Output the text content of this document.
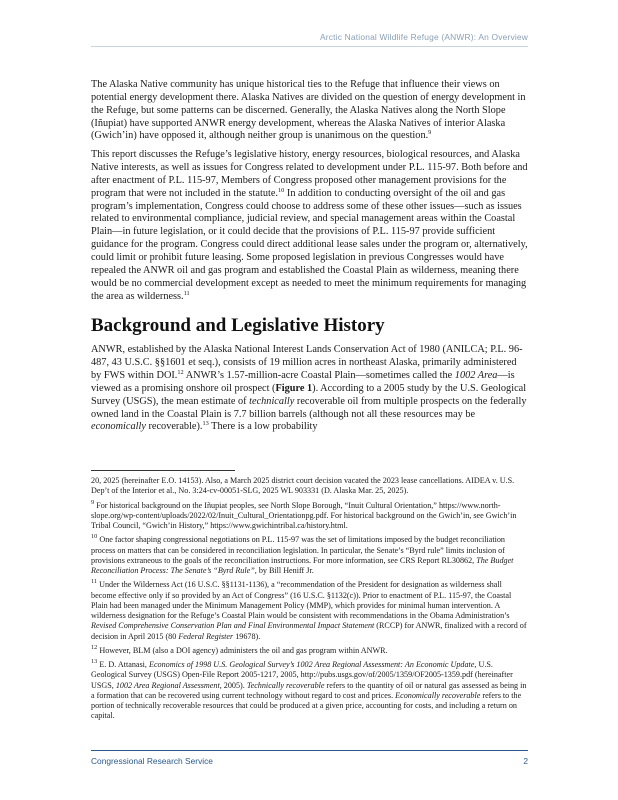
Arctic National Wildlife Refuge (ANWR): An Overview

The Alaska Native community has unique historical ties to the Refuge that influence their views on potential energy development there. Alaska Natives are divided on the question of energy development in the Refuge, but some patterns can be discerned. Generally, the Alaska Natives along the North Slope (Iñupiat) have supported ANWR energy development, whereas the Alaska Natives of interior Alaska (Gwich’in) have opposed it, although neither group is unanimous on the question.$^9$

This report discusses the Refuge’s legislative history, energy resources, biological resources, and Alaska Native interests, as well as issues for Congress related to development under P.L. 115-97. Both before and after enactment of P.L. 115-97, Members of Congress proposed other management provisions for the program that were not included in the statute.$^{10}$ In addition to conducting oversight of the oil and gas program’s implementation, Congress could choose to address some of these other issues—such as issues related to environmental compliance, judicial review, and special management areas within the Coastal Plain—in future legislation, or it could decide that the provisions of P.L. 115-97 provide sufficient guidance for the program. Congress could direct additional lease sales under the program or, alternatively, could limit or prohibit future leasing. Some proposed legislation in previous Congresses would have repealed the ANWR oil and gas program and established the Coastal Plain as wilderness, meaning there would be no commercial development except as needed to meet the minimum requirements for managing the area as wilderness.$^{11}$

Background and Legislative History

ANWR, established by the Alaska National Interest Lands Conservation Act of 1980 (ANILCA; P.L. 96-487, 43 U.S.C. §§1601 et seq.), consists of 19 million acres in northeast Alaska, primarily administered by FWS within DOI.$^{12}$ ANWR’s 1.57-million-acre Coastal Plain—sometimes called the 1002 Area—is viewed as a promising onshore oil prospect (Figure 1). According to a 2005 study by the U.S. Geological Survey (USGS), the mean estimate of technically recoverable oil from multiple prospects on the federally owned land in the Coastal Plain is 7.7 billion barrels (although not all these resources may be economically recoverable).$^{13}$ There is a low probability

20, 2025 (hereinafter E.O. 14153). Also, a March 2025 district court decision vacated the 2023 lease cancellations. AIDEA v. U.S. Dep’t of the Interior et al., No. 3:24-cv-00051-SLG, 2025 WL 903331 (D. Alaska Mar. 25, 2025).

$^9$ For historical background on the Iñupiat peoples, see North Slope Borough, “Inuit Cultural Orientation,” https://www.north-slope.org/wp-content/uploads/2022/02/Inuit_Cultural_Orientationpg.pdf. For historical background on the Gwich’in, see Gwich’in Tribal Council, “Gwich’in History,” https://www.gwichintribal.ca/history.html.

$^{10}$ One factor shaping congressional negotiations on P.L. 115-97 was the set of limitations imposed by the budget reconciliation process on matters that can be considered in reconciliation legislation. In particular, the Senate’s “Byrd rule” limits inclusion of provisions extraneous to the goals of the reconciliation instructions. For more information, see CRS Report RL30862, The Budget Reconciliation Process: The Senate’s “Byrd Rule”, by Bill Heniff Jr.

$^{11}$ Under the Wilderness Act (16 U.S.C. §§1131-1136), a “recommendation of the President for designation as wilderness shall become effective only if so provided by an Act of Congress” (16 U.S.C. §1132(c)). Prior to enactment of P.L. 115-97, the Coastal Plain had been managed under the Minimum Management Policy (MMP), which provides for minimal human intervention. A wilderness designation for the Refuge’s Coastal Plain would be consistent with recommendations in the Obama Administration’s Revised Comprehensive Conservation Plan and Final Environmental Impact Statement (RCCP) for ANWR, finalized with a record of decision in April 2015 (80 Federal Register 19678).

$^{12}$ However, BLM (also a DOI agency) administers the oil and gas program within ANWR.

$^{13}$ E. D. Attanasi, Economics of 1998 U.S. Geological Survey’s 1002 Area Regional Assessment: An Economic Update, U.S. Geological Survey (USGS) Open-File Report 2005-1217, 2005, http://pubs.usgs.gov/of/2005/1359/OF2005-1359.pdf (hereinafter USGS, 1002 Area Regional Assessment, 2005). Technically recoverable refers to the quantity of oil or natural gas assessed as being in a formation that can be recovered using current technology without regard to cost and prices. Economically recoverable refers to the portion of technically recoverable resources that could be produced at a given price, accounting for costs, and including a return on capital.

Congressional Research Service	2
